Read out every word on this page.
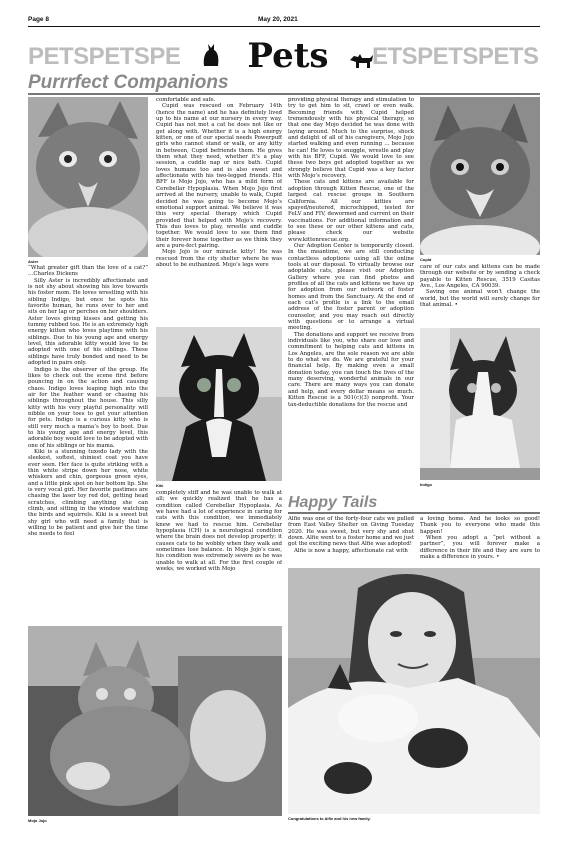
Page 8	May 20, 2021
PETSPETSPE	Pets	ETSPETSPETS
Purrrfect Companions
Aster

“What greater gift than the love of a cat?” …Charles Dickens

Silly Aster is incredibly affectionate and is not shy about showing his love towards his foster mom. He loves wrestling with his sibling Indigo, but once he spots his favorite human, he runs over to her and sits on her lap or perches on her shoulders. Aster loves giving kisses and getting his tummy rubbed too. He is an extremely high energy kitten who loves playtime with his siblings. Due to his young age and energy level, this adorable kitty would love to be adopted with one of his siblings. These siblings have truly bonded and need to be adopted in pairs only.

Indigo is the observer of the group. He likes to check out the scene first before pouncing in on the action and causing chaos. Indigo loves leaping high into the air for the feather wand or chasing his siblings throughout the house. This silly kitty with his very playful personality will nibble on your toes to get your attention for pets. Indigo is a curious kitty who is still very much a mama’s boy to boot. Due to his young age and energy level, this adorable boy would love to be adopted with one of his siblings or his mama.

Kiki is a stunning tuxedo lady with the sleekest, softest, shiniest coat you have ever seen. Her face is quite striking with a thin white stripe down her nose, white whiskers and chin, gorgeous green eyes, and a little pink spot on her bottom lip. She is very vocal girl. Her favorite pastimes are chasing the laser toy red dot, getting head scratches, climbing anything she can climb, and sitting in the window watching the birds and squirrels. Kiki is a sweet but shy girl who will need a family that is willing to be patient and give her the time she needs to feel

comfortable and safe.

Cupid was rescued on February 14th (hence the name) and he has definitely lived up to his name at our nursery in every way. Cupid has not met a cat he does not like or get along with. Whether it is a high energy kitten, or one of our special needs Powerpuff girls who cannot stand or walk, or any kitty in between, Cupid befriends them. He gives them what they need, whether it’s a play session, a cuddle nap or nice bath. Cupid loves humans too and is also sweet and affectionate with his two-legged friends. His BFF is Mojo Jojo, who has a mild form of Cerebellar Hypoplasia. When Mojo Jojo first arrived at the nursery, unable to walk, Cupid decided he was going to become Mojo’s emotional support animal. We believe it was this very special therapy which Cupid provided that helped with Mojo’s recovery. This duo loves to play, wrestle and cuddle together. We would love to see them find their forever home together as we think they are a pure-fect pairing.

Mojo Jojo is our miracle kitty! He was rescued from the city shelter where he was about to be euthanized. Mojo’s legs were

Kiki

completely stiff and he was unable to walk at all; we quickly realized that he has a condition called Cerebellar Hypoplasia. As we have had a lot of experience in caring for cats with this condition, we immediately knew we had to rescue him. Cerebellar hypoplasia (CH) is a neurological condition where the brain does not develop properly; it causes cats to be wobbly when they walk and sometimes lose balance. In Mojo Jojo’s case, his condition was extremely severe as he was unable to walk at all. For the first couple of weeks, we worked with Mojo

providing physical therapy and stimulation to try to get him to sit, crawl or even walk. Becoming friends with Cupid helped tremendously with his physical therapy, so that one day Mojo decided he was done with laying around. Much to the surprise, shock and delight of all of his caregivers, Mojo Jojo started walking and even running … because he can! He loves to snuggle, wrestle and play with his BFF, Cupid. We would love to see these two boys get adopted together as we strongly believe that Cupid was a key factor with Mojo’s recovery.

These cats and kittens are available for adoption through Kitten Rescue, one of the largest cat rescue groups in Southern California. All our kitties are spayed/neutered, microchipped, tested for FeLV and FIV, dewormed and current on their vaccinations. For additional information and to see these or our other kittens and cats, please check our website www.kittenrescue.org.

Our Adoption Center is temporarily closed. In the meantime, we are still conducting contactless adoptions using all the online tools at our disposal. To virtually browse our adoptable cats, please visit our Adoption Gallery where you can find photos and profiles of all the cats and kittens we have up for adoption from our network of foster homes and from the Sanctuary. At the end of each cat’s profile is a link to the email address of the foster parent or adoption counselor, and you may reach out directly with questions or to arrange a virtual meeting.

The donations and support we receive from individuals like you, who share our love and commitment to helping cats and kittens in Los Angeles, are the sole reason we are able to do what we do. We are grateful for your financial help. By making even a small donation today, you can touch the lives of the many deserving, wonderful animals in our care. There are many ways you can donate and help, and every dollar means so much. Kitten Rescue is a 501(c)(3) nonprofit. Your tax-deductible donations for the rescue and

Cupid

care of our cats and kittens can be made through our website or by sending a check payable to Kitten Rescue, 3519 Casitas Ave., Los Angeles, CA 90039.

Saving one animal won’t change the world, but the world will surely change for that animal. •

Indigo
Happy Tails

Alfie was one of the forty-four cats we pulled from East Valley Shelter on Giving Tuesday 2020. He was sweet, but very shy and shut down. Alfie went to a foster home and we just got the exciting news that Alfie was adopted!

Alfie is now a happy, affectionate cat with

a loving home. And he looks so good! Thank you to everyone who made this happen!

When you adopt a “pet without a partner”, you will forever make a difference in their life and they are sure to make a difference in yours. •

Mojo Jojo	Congratulations to Alfie and his new family.
